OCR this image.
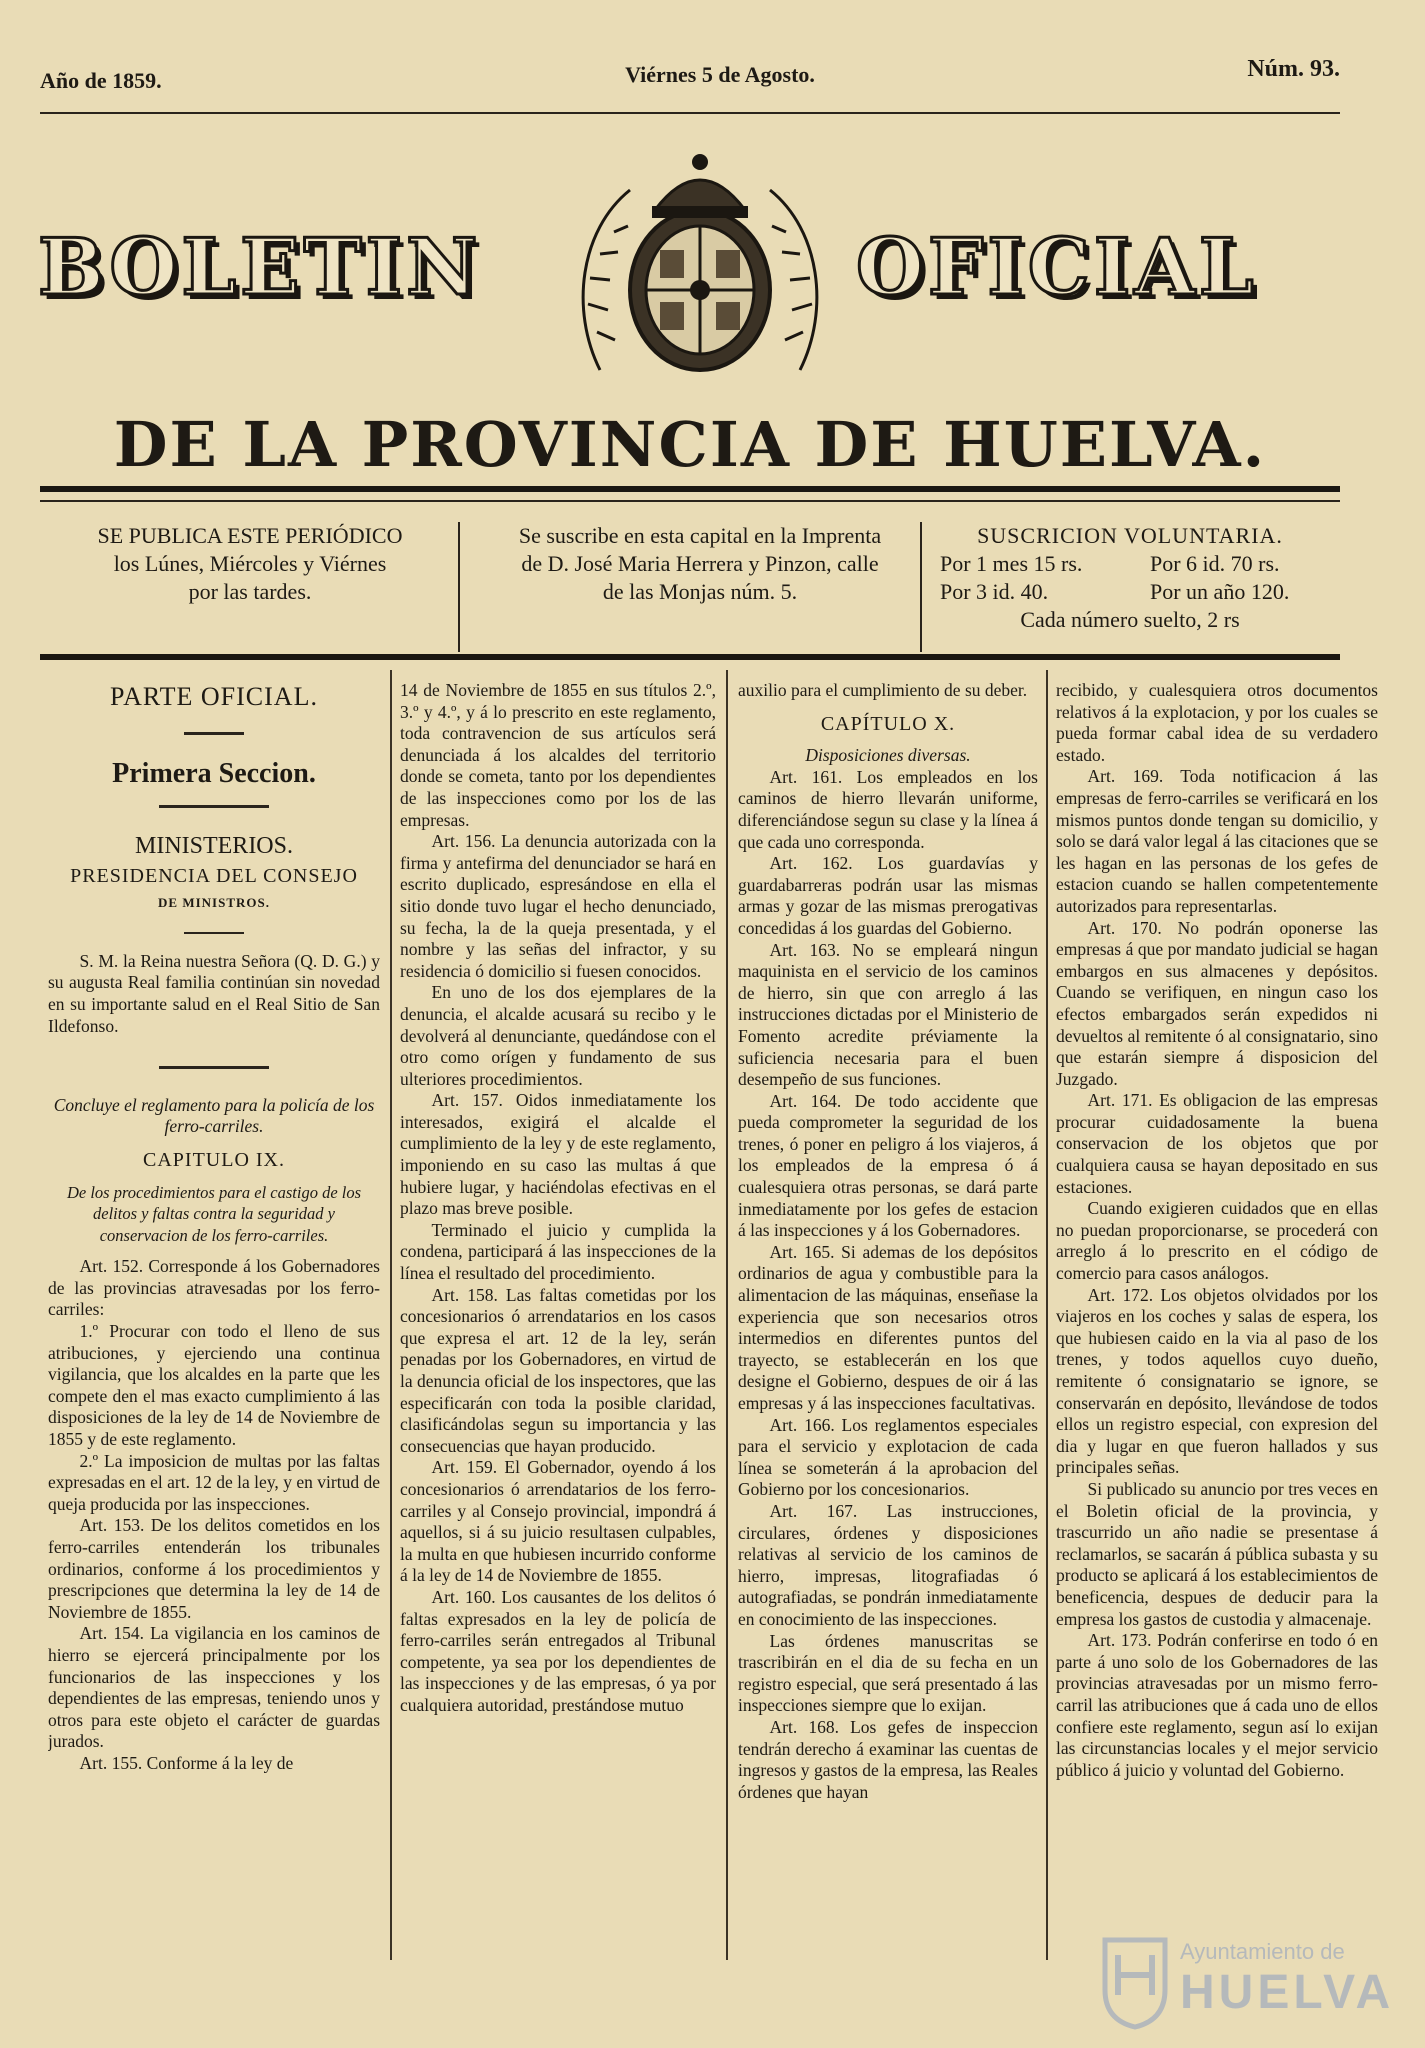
Año de 1859.	Viérnes 5 de Agosto.	Núm. 93.
BOLETIN	OFICIAL
DE LA PROVINCIA DE HUELVA.
SE PUBLICA ESTE PERIÓDICO
los Lúnes, Miércoles y Viérnes
por las tardes.
Se suscribe en esta capital en la Imprenta
de D. José Maria Herrera y Pinzon, calle
de las Monjas núm. 5.
SUSCRICION VOLUNTARIA.
Por 1 mes 15 rs.	Por 6 id. 70 rs.
Por 3 id. 40.	Por un año 120.
Cada número suelto, 2 rs
PARTE OFICIAL.
Primera Seccion.
MINISTERIOS.
PRESIDENCIA DEL CONSEJO
DE MINISTROS.

S. M. la Reina nuestra Señora (Q. D. G.) y su augusta Real familia continúan sin novedad en su importante salud en el Real Sitio de San Ildefonso.

Concluye el reglamento para la policía de los ferro-carriles.

CAPITULO IX.

De los procedimientos para el castigo de los delitos y faltas contra la seguridad y conservacion de los ferro-carriles.

Art. 152. Corresponde á los Gobernadores de las provincias atravesadas por los ferro-carriles:

1.º Procurar con todo el lleno de sus atribuciones, y ejerciendo una continua vigilancia, que los alcaldes en la parte que les compete den el mas exacto cumplimiento á las disposiciones de la ley de 14 de Noviembre de 1855 y de este reglamento.

2.º La imposicion de multas por las faltas expresadas en el art. 12 de la ley, y en virtud de queja producida por las inspecciones.

Art. 153. De los delitos cometidos en los ferro-carriles entenderán los tribunales ordinarios, conforme á los procedimientos y prescripciones que determina la ley de 14 de Noviembre de 1855.

Art. 154. La vigilancia en los caminos de hierro se ejercerá principalmente por los funcionarios de las inspecciones y los dependientes de las empresas, teniendo unos y otros para este objeto el carácter de guardas jurados.

Art. 155. Conforme á la ley de

14 de Noviembre de 1855 en sus títulos 2.º, 3.º y 4.º, y á lo prescrito en este reglamento, toda contravencion de sus artículos será denunciada á los alcaldes del territorio donde se cometa, tanto por los dependientes de las inspecciones como por los de las empresas.

Art. 156. La denuncia autorizada con la firma y antefirma del denunciador se hará en escrito duplicado, espresándose en ella el sitio donde tuvo lugar el hecho denunciado, su fecha, la de la queja presentada, y el nombre y las señas del infractor, y su residencia ó domicilio si fuesen conocidos.

En uno de los dos ejemplares de la denuncia, el alcalde acusará su recibo y le devolverá al denunciante, quedándose con el otro como orígen y fundamento de sus ulteriores procedimientos.

Art. 157. Oidos inmediatamente los interesados, exigirá el alcalde el cumplimiento de la ley y de este reglamento, imponiendo en su caso las multas á que hubiere lugar, y haciéndolas efectivas en el plazo mas breve posible.

Terminado el juicio y cumplida la condena, participará á las inspecciones de la línea el resultado del procedimiento.

Art. 158. Las faltas cometidas por los concesionarios ó arrendatarios en los casos que expresa el art. 12 de la ley, serán penadas por los Gobernadores, en virtud de la denuncia oficial de los inspectores, que las especificarán con toda la posible claridad, clasificándolas segun su importancia y las consecuencias que hayan producido.

Art. 159. El Gobernador, oyendo á los concesionarios ó arrendatarios de los ferro-carriles y al Consejo provincial, impondrá á aquellos, si á su juicio resultasen culpables, la multa en que hubiesen incurrido conforme á la ley de 14 de Noviembre de 1855.

Art. 160. Los causantes de los delitos ó faltas expresados en la ley de policía de ferro-carriles serán entregados al Tribunal competente, ya sea por los dependientes de las inspecciones y de las empresas, ó ya por cualquiera autoridad, prestándose mutuo

auxilio para el cumplimiento de su deber.

CAPÍTULO X.

Disposiciones diversas.

Art. 161. Los empleados en los caminos de hierro llevarán uniforme, diferenciándose segun su clase y la línea á que cada uno corresponda.

Art. 162. Los guardavías y guardabarreras podrán usar las mismas armas y gozar de las mismas prerogativas concedidas á los guardas del Gobierno.

Art. 163. No se empleará ningun maquinista en el servicio de los caminos de hierro, sin que con arreglo á las instrucciones dictadas por el Ministerio de Fomento acredite préviamente la suficiencia necesaria para el buen desempeño de sus funciones.

Art. 164. De todo accidente que pueda comprometer la seguridad de los trenes, ó poner en peligro á los viajeros, á los empleados de la empresa ó á cualesquiera otras personas, se dará parte inmediatamente por los gefes de estacion á las inspecciones y á los Gobernadores.

Art. 165. Si ademas de los depósitos ordinarios de agua y combustible para la alimentacion de las máquinas, enseñase la experiencia que son necesarios otros intermedios en diferentes puntos del trayecto, se establecerán en los que designe el Gobierno, despues de oir á las empresas y á las inspecciones facultativas.

Art. 166. Los reglamentos especiales para el servicio y explotacion de cada línea se someterán á la aprobacion del Gobierno por los concesionarios.

Art. 167. Las instrucciones, circulares, órdenes y disposiciones relativas al servicio de los caminos de hierro, impresas, litografiadas ó autografiadas, se pondrán inmediatamente en conocimiento de las inspecciones.

Las órdenes manuscritas se trascribirán en el dia de su fecha en un registro especial, que será presentado á las inspecciones siempre que lo exijan.

Art. 168. Los gefes de inspeccion tendrán derecho á examinar las cuentas de ingresos y gastos de la empresa, las Reales órdenes que hayan

recibido, y cualesquiera otros documentos relativos á la explotacion, y por los cuales se pueda formar cabal idea de su verdadero estado.

Art. 169. Toda notificacion á las empresas de ferro-carriles se verificará en los mismos puntos donde tengan su domicilio, y solo se dará valor legal á las citaciones que se les hagan en las personas de los gefes de estacion cuando se hallen competentemente autorizados para representarlas.

Art. 170. No podrán oponerse las empresas á que por mandato judicial se hagan embargos en sus almacenes y depósitos. Cuando se verifiquen, en ningun caso los efectos embargados serán expedidos ni devueltos al remitente ó al consignatario, sino que estarán siempre á disposicion del Juzgado.

Art. 171. Es obligacion de las empresas procurar cuidadosamente la buena conservacion de los objetos que por cualquiera causa se hayan depositado en sus estaciones.

Cuando exigieren cuidados que en ellas no puedan proporcionarse, se procederá con arreglo á lo prescrito en el código de comercio para casos análogos.

Art. 172. Los objetos olvidados por los viajeros en los coches y salas de espera, los que hubiesen caido en la via al paso de los trenes, y todos aquellos cuyo dueño, remitente ó consignatario se ignore, se conservarán en depósito, llevándose de todos ellos un registro especial, con expresion del dia y lugar en que fueron hallados y sus principales señas.

Si publicado su anuncio por tres veces en el Boletin oficial de la provincia, y trascurrido un año nadie se presentase á reclamarlos, se sacarán á pública subasta y su producto se aplicará á los establecimientos de beneficencia, despues de deducir para la empresa los gastos de custodia y almacenaje.

Art. 173. Podrán conferirse en todo ó en parte á uno solo de los Gobernadores de las provincias atravesadas por un mismo ferro-carril las atribuciones que á cada uno de ellos confiere este reglamento, segun así lo exijan las circunstancias locales y el mejor servicio público á juicio y voluntad del Gobierno.

Ayuntamiento de
HUELVA
